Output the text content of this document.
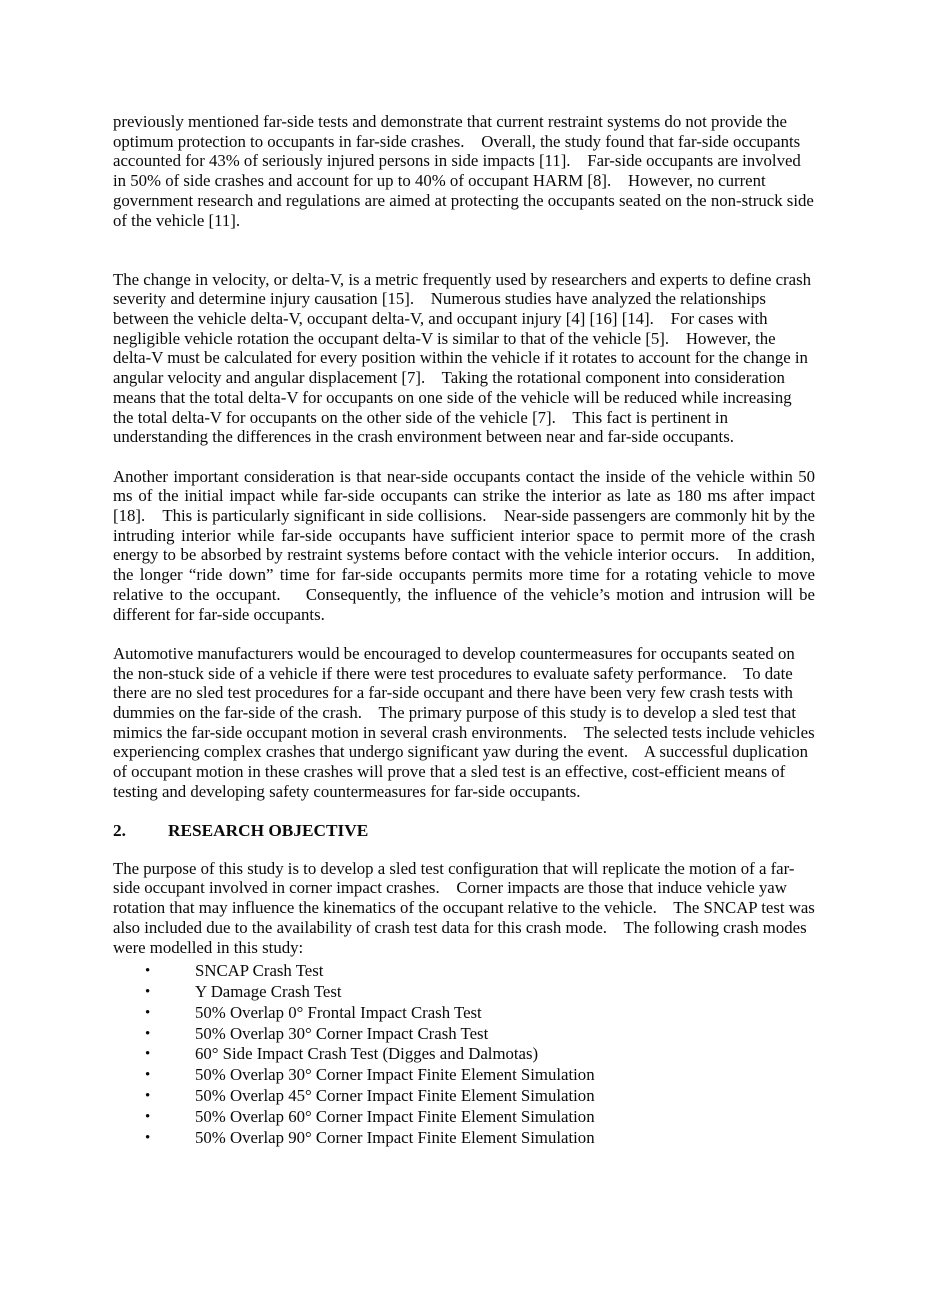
previously mentioned far-side tests and demonstrate that current restraint systems do not provide the optimum protection to occupants in far-side crashes.    Overall, the study found that far-side occupants accounted for 43% of seriously injured persons in side impacts [11].    Far-side occupants are involved in 50% of side crashes and account for up to 40% of occupant HARM [8].    However, no current government research and regulations are aimed at protecting the occupants seated on the non-struck side of the vehicle [11].

The change in velocity, or delta-V, is a metric frequently used by researchers and experts to define crash severity and determine injury causation [15].    Numerous studies have analyzed the relationships between the vehicle delta-V, occupant delta-V, and occupant injury [4] [16] [14].    For cases with negligible vehicle rotation the occupant delta-V is similar to that of the vehicle [5].    However, the delta-V must be calculated for every position within the vehicle if it rotates to account for the change in angular velocity and angular displacement [7].    Taking the rotational component into consideration means that the total delta-V for occupants on one side of the vehicle will be reduced while increasing the total delta-V for occupants on the other side of the vehicle [7].    This fact is pertinent in understanding the differences in the crash environment between near and far-side occupants.

Another important consideration is that near-side occupants contact the inside of the vehicle within 50 ms of the initial impact while far-side occupants can strike the interior as late as 180 ms after impact [18].    This is particularly significant in side collisions.    Near-side passengers are commonly hit by the intruding interior while far-side occupants have sufficient interior space to permit more of the crash energy to be absorbed by restraint systems before contact with the vehicle interior occurs.    In addition, the longer “ride down” time for far-side occupants permits more time for a rotating vehicle to move relative to the occupant.    Consequently, the influence of the vehicle’s motion and intrusion will be different for far-side occupants.

Automotive manufacturers would be encouraged to develop countermeasures for occupants seated on the non-stuck side of a vehicle if there were test procedures to evaluate safety performance.    To date there are no sled test procedures for a far-side occupant and there have been very few crash tests with dummies on the far-side of the crash.    The primary purpose of this study is to develop a sled test that mimics the far-side occupant motion in several crash environments.    The selected tests include vehicles experiencing complex crashes that undergo significant yaw during the event.    A successful duplication of occupant motion in these crashes will prove that a sled test is an effective, cost-efficient means of testing and developing safety countermeasures for far-side occupants.

2. RESEARCH OBJECTIVE

The purpose of this study is to develop a sled test configuration that will replicate the motion of a far-side occupant involved in corner impact crashes.    Corner impacts are those that induce vehicle yaw rotation that may influence the kinematics of the occupant relative to the vehicle.    The SNCAP test was also included due to the availability of crash test data for this crash mode.    The following crash modes were modelled in this study:

•	SNCAP Crash Test
•	Y Damage Crash Test
•	50% Overlap 0° Frontal Impact Crash Test
•	50% Overlap 30° Corner Impact Crash Test
•	60° Side Impact Crash Test (Digges and Dalmotas)
•	50% Overlap 30° Corner Impact Finite Element Simulation
•	50% Overlap 45° Corner Impact Finite Element Simulation
•	50% Overlap 60° Corner Impact Finite Element Simulation
•	50% Overlap 90° Corner Impact Finite Element Simulation
